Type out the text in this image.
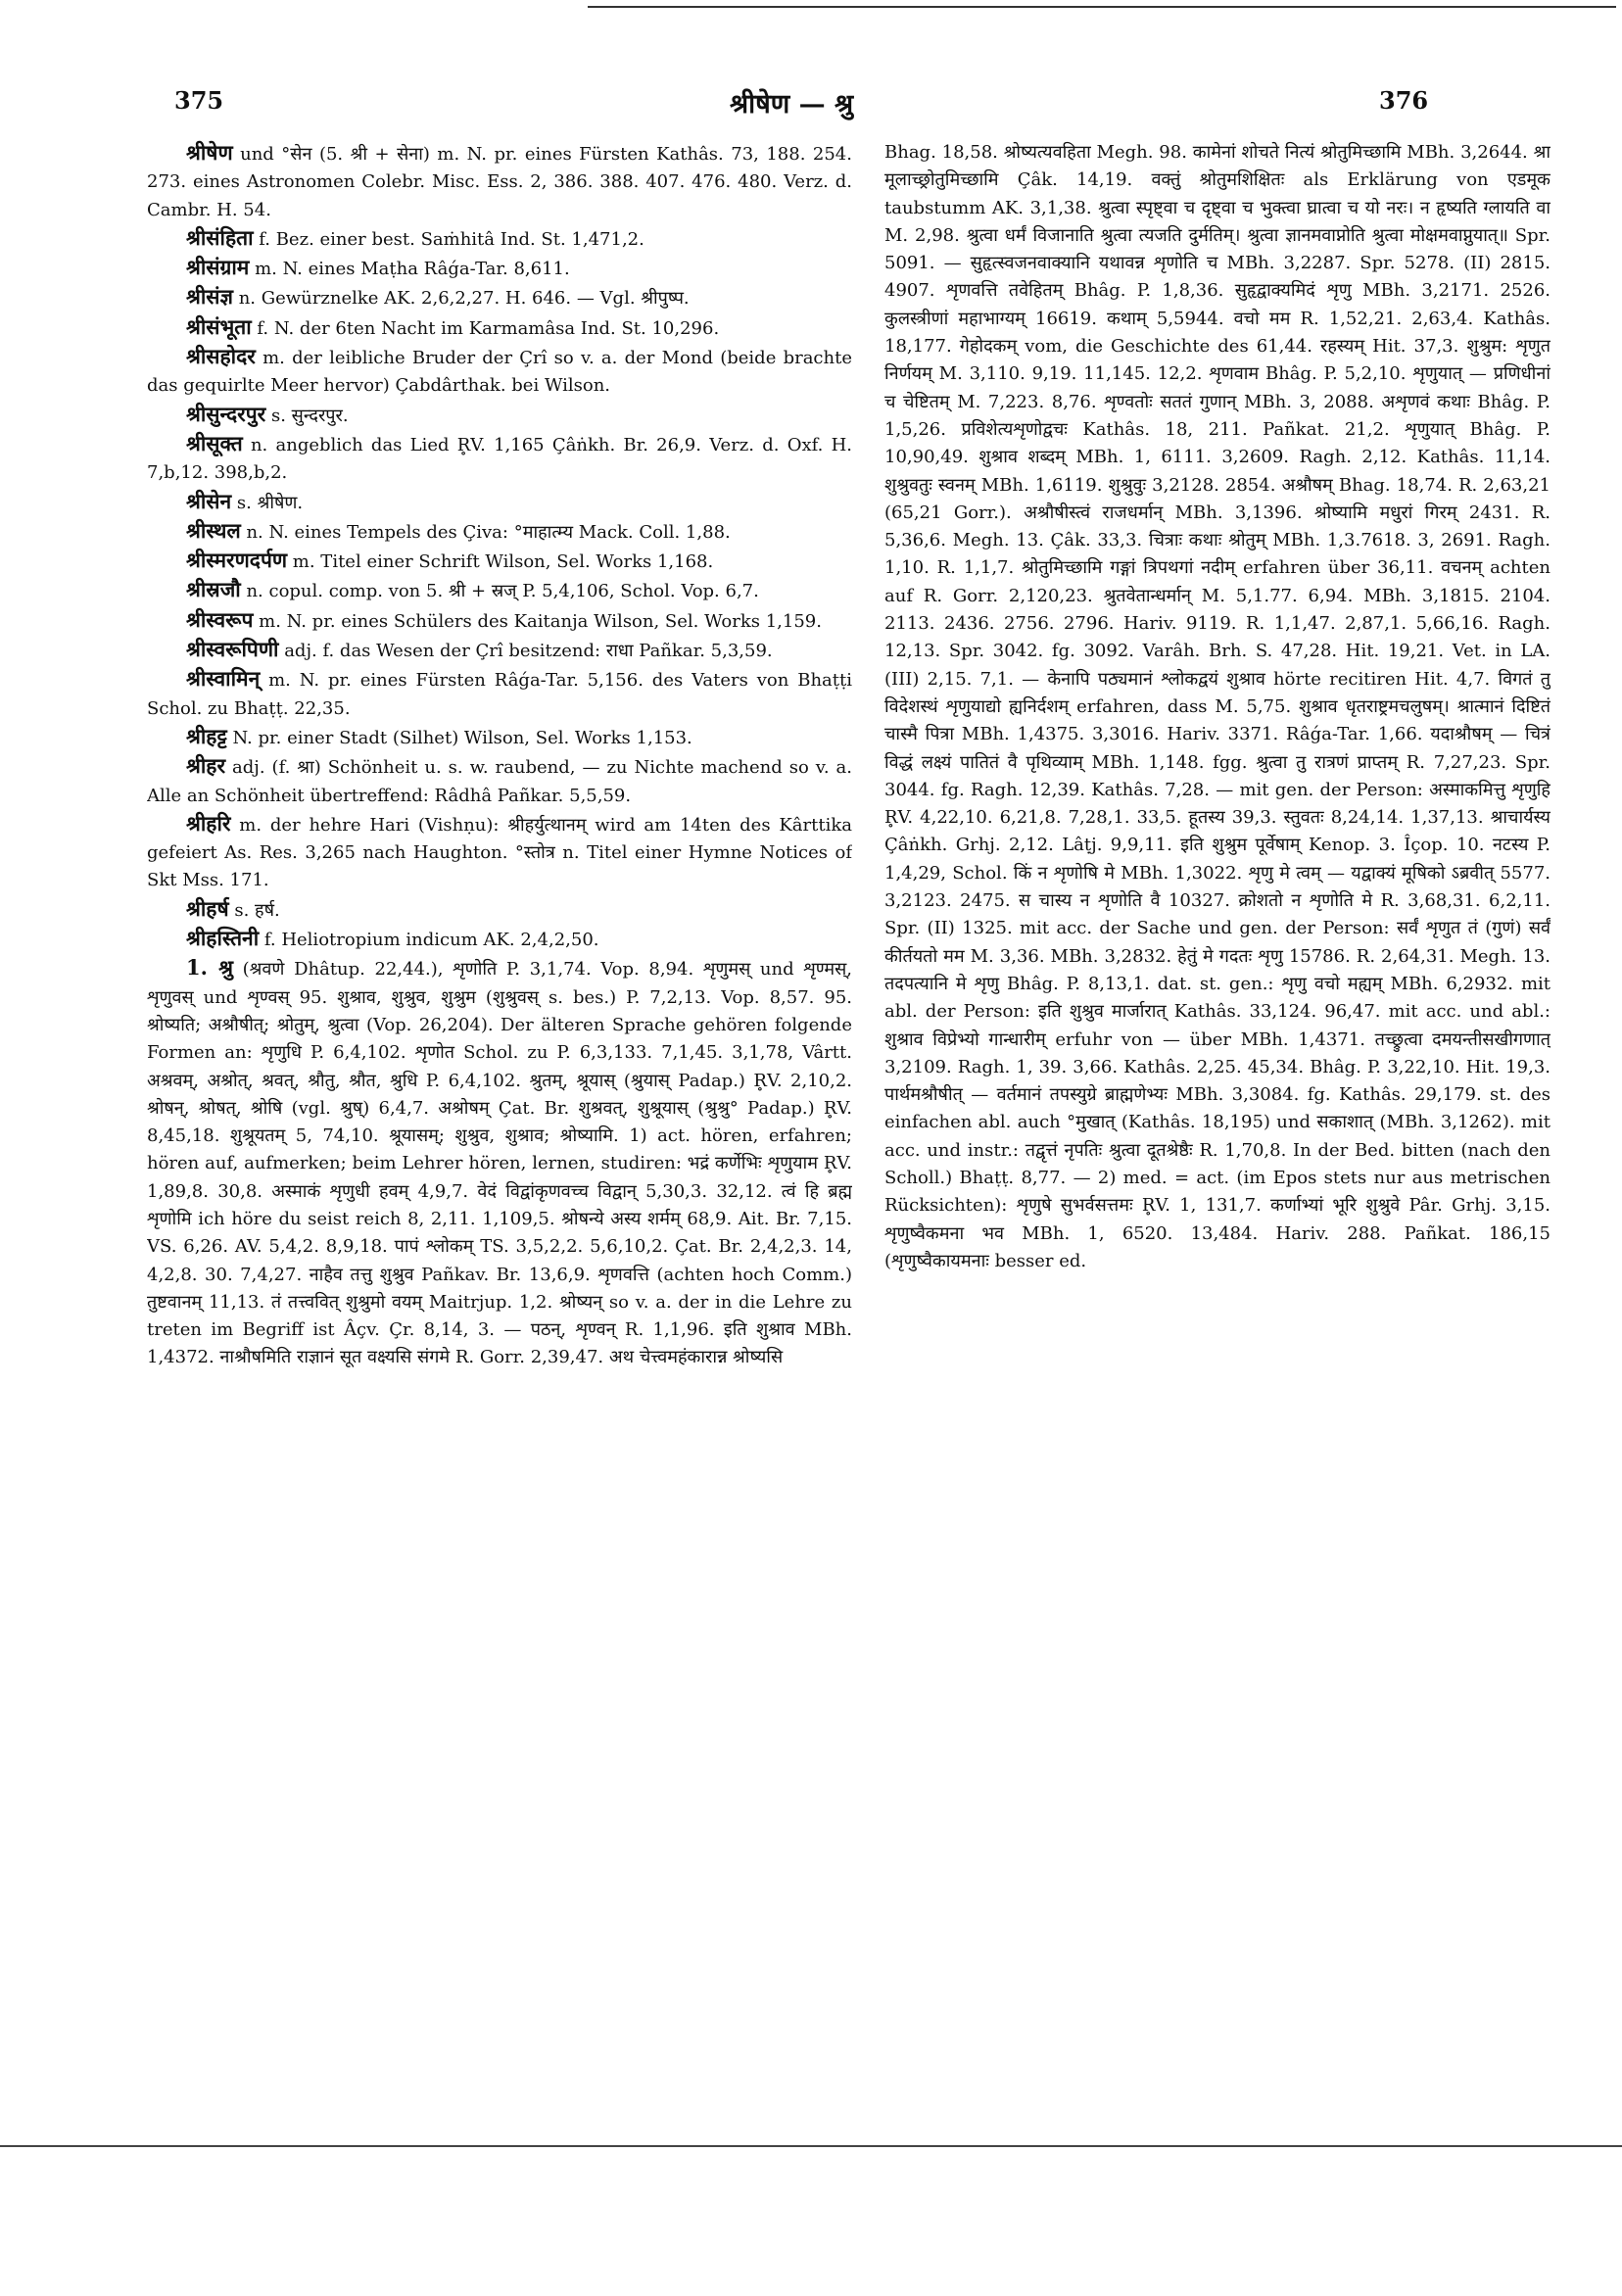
375	श्रीषेण — श्रु	376

श्रीषेण und °सेन (5. श्री + सेना) m. N. pr. eines Fürsten Kathâs. 73, 188. 254. 273. eines Astronomen Colebr. Misc. Ess. 2, 386. 388. 407. 476. 480. Verz. d. Cambr. H. 54.

श्रीसंहिता f. Bez. einer best. Saṁhitâ Ind. St. 1,471,2.

श्रीसंग्राम m. N. eines Maṭha Râǵa-Tar. 8,611.

श्रीसंज्ञ n. Gewürznelke AK. 2,6,2,27. H. 646. — Vgl. श्रीपुष्प.

श्रीसंभूता f. N. der 6ten Nacht im Karmamâsa Ind. St. 10,296.

श्रीसहोदर m. der leibliche Bruder der Çrî so v. a. der Mond (beide brachte das gequirlte Meer hervor) Çabdârthak. bei Wilson.

श्रीसुन्दरपुर s. सुन्दरपुर.

श्रीसूक्त n. angeblich das Lied R̥V. 1,165 Çâṅkh. Br. 26,9. Verz. d. Oxf. H. 7,b,12. 398,b,2.

श्रीसेन s. श्रीषेण.

श्रीस्थल n. N. eines Tempels des Çiva: °माहात्म्य Mack. Coll. 1,88.

श्रीस्मरणदर्पण m. Titel einer Schrift Wilson, Sel. Works 1,168.

श्रीस्रजौ n. copul. comp. von 5. श्री + स्रज् P. 5,4,106, Schol. Vop. 6,7.

श्रीस्वरूप m. N. pr. eines Schülers des Kaitanja Wilson, Sel. Works 1,159.

श्रीस्वरूपिणी adj. f. das Wesen der Çrî besitzend: राधा Pañkar. 5,3,59.

श्रीस्वामिन् m. N. pr. eines Fürsten Râǵa-Tar. 5,156. des Vaters von Bhaṭṭi Schol. zu Bhaṭṭ. 22,35.

श्रीहट्ट N. pr. einer Stadt (Silhet) Wilson, Sel. Works 1,153.

श्रीहर adj. (f. श्रा) Schönheit u. s. w. raubend, — zu Nichte machend so v. a. Alle an Schönheit übertreffend: Râdhâ Pañkar. 5,5,59.

श्रीहरि m. der hehre Hari (Vishṇu): श्रीहर्युत्थानम् wird am 14ten des Kârttika gefeiert As. Res. 3,265 nach Haughton. °स्तोत्र n. Titel einer Hymne Notices of Skt Mss. 171.

श्रीहर्ष s. हर्ष.

श्रीहस्तिनी f. Heliotropium indicum AK. 2,4,2,50.

1. श्रु (श्रवणे Dhâtup. 22,44.), शृणोति P. 3,1,74. Vop. 8,94. शृणुमस् und शृण्मस्, शृणुवस् und शृण्वस् 95. शुश्राव, शुश्रुव, शुश्रुम (शुश्रुवस् s. bes.) P. 7,2,13. Vop. 8,57. 95. श्रोष्यति; अश्रौषीत्; श्रोतुम्, श्रुत्वा (Vop. 26,204). Der älteren Sprache gehören folgende Formen an: शृणुधि P. 6,4,102. शृणोत Schol. zu P. 6,3,133. 7,1,45. 3,1,78, Vârtt. अश्रवम्, अश्रोत्, श्रवत्, श्रौतु, श्रौत, श्रुधि P. 6,4,102. श्रुतम्, श्रूयास् (श्रुयास् Padap.) R̥V. 2,10,2. श्रोषन्, श्रोषत्, श्रोषि (vgl. श्रुष्) 6,4,7. अश्रोषम् Çat. Br. शुश्रवत्, शुश्रूयास् (श्रुश्रु° Padap.) R̥V. 8,45,18. शुश्रूयतम् 5, 74,10. श्रूयासम्; शुश्रुव, शुश्राव; श्रोष्यामि. 1) act. hören, erfahren; hören auf, aufmerken; beim Lehrer hören, lernen, studiren: भद्रं कर्णेभिः शृणुयाम R̥V. 1,89,8. 30,8. अस्माकं शृणुधी हवम् 4,9,7. वेदं विद्वांकृणवच्च विद्वान् 5,30,3. 32,12. त्वं हि ब्रह्म शृणोमि ich höre du seist reich 8, 2,11. 1,109,5. श्रोषन्ये अस्य शर्मम् 68,9. Ait. Br. 7,15. VS. 6,26. AV. 5,4,2. 8,9,18. पापं श्लोकम् TS. 3,5,2,2. 5,6,10,2. Çat. Br. 2,4,2,3. 14, 4,2,8. 30. 7,4,27. नाहैव तत्तु शुश्रुव Pañkav. Br. 13,6,9. शृणवत्ति (achten hoch Comm.) तुष्टवानम् 11,13. तं तत्त्ववित् शुश्रुमो वयम् Maitrjup. 1,2. श्रोष्यन् so v. a. der in die Lehre zu treten im Begriff ist Âçv. Çr. 8,14, 3. — पठन्, शृण्वन् R. 1,1,96. इति शुश्राव MBh. 1,4372. नाश्रौषमिति राज्ञानं सूत वक्ष्यसि संगमे R. Gorr. 2,39,47. अथ चेत्त्वमहंकारान्न श्रोष्यसि

Bhag. 18,58. श्रोष्यत्यवहिता Megh. 98. कामेनां शोचते नित्यं श्रोतुमिच्छामि MBh. 3,2644. श्रा मूलाच्छ्रोतुमिच्छामि Çâk. 14,19. वक्तुं श्रोतुमशिक्षितः als Erklärung von एडमूक taubstumm AK. 3,1,38. श्रुत्वा स्पृष्ट्वा च दृष्ट्वा च भुक्त्वा घ्रात्वा च यो नरः। न हृष्यति ग्लायति वा M. 2,98. श्रुत्वा धर्मं विजानाति श्रुत्वा त्यजति दुर्मतिम्। श्रुत्वा ज्ञानमवाप्नोति श्रुत्वा मोक्षमवाप्नुयात्॥ Spr. 5091. — सुहृत्स्वजनवाक्यानि यथावन्न शृणोति च MBh. 3,2287. Spr. 5278. (II) 2815. 4907. शृणवत्ति तवेहितम् Bhâg. P. 1,8,36. सुहृद्वाक्यमिदं शृणु MBh. 3,2171. 2526. कुलस्त्रीणां महाभाग्यम् 16619. कथाम् 5,5944. वचो मम R. 1,52,21. 2,63,4. Kathâs. 18,177. गेहोदकम् vom, die Geschichte des 61,44. रहस्यम् Hit. 37,3. शुश्रुम: शृणुत निर्णयम् M. 3,110. 9,19. 11,145. 12,2. शृणवाम Bhâg. P. 5,2,10. शृणुयात् — प्रणिधीनां च चेष्टितम् M. 7,223. 8,76. शृण्वतोः सततं गुणान् MBh. 3, 2088. अशृणवं कथाः Bhâg. P. 1,5,26. प्रविशेत्यशृणोद्वचः Kathâs. 18, 211. Pañkat. 21,2. शृणुयात् Bhâg. P. 10,90,49. शुश्राव शब्दम् MBh. 1, 6111. 3,2609. Ragh. 2,12. Kathâs. 11,14. शुश्रुवतुः स्वनम् MBh. 1,6119. शुश्रुवुः 3,2128. 2854. अश्रौषम् Bhag. 18,74. R. 2,63,21 (65,21 Gorr.). अश्रौषीस्त्वं राजधर्मान् MBh. 3,1396. श्रोष्यामि मधुरां गिरम् 2431. R. 5,36,6. Megh. 13. Çâk. 33,3. चित्राः कथाः श्रोतुम् MBh. 1,3.7618. 3, 2691. Ragh. 1,10. R. 1,1,7. श्रोतुमिच्छामि गङ्गां त्रिपथगां नदीम् erfahren über 36,11. वचनम् achten auf R. Gorr. 2,120,23. श्रुतवेतान्धर्मान् M. 5,1.77. 6,94. MBh. 3,1815. 2104. 2113. 2436. 2756. 2796. Hariv. 9119. R. 1,1,47. 2,87,1. 5,66,16. Ragh. 12,13. Spr. 3042. fg. 3092. Varâh. Brh. S. 47,28. Hit. 19,21. Vet. in LA. (III) 2,15. 7,1. — केनापि पठ्यमानं श्लोकद्वयं शुश्राव hörte recitiren Hit. 4,7. विगतं तु विदेशस्थं शृणुयाद्यो ह्यनिर्दशम् erfahren, dass M. 5,75. शुश्राव धृतराष्ट्रमचलुषम्। श्रात्मानं दिष्टितं चास्मै पित्रा MBh. 1,4375. 3,3016. Hariv. 3371. Râǵa-Tar. 1,66. यदाश्रौषम् — चित्रं विद्धं लक्ष्यं पातितं वै पृथिव्याम् MBh. 1,148. fgg. श्रुत्वा तु रात्रणं प्राप्तम् R. 7,27,23. Spr. 3044. fg. Ragh. 12,39. Kathâs. 7,28. — mit gen. der Person: अस्माकमित्तु शृणुहि R̥V. 4,22,10. 6,21,8. 7,28,1. 33,5. हूतस्य 39,3. स्तुवतः 8,24,14. 1,37,13. श्राचार्यस्य Çâṅkh. Grhj. 2,12. Lâṭj. 9,9,11. इति शुश्रुम पूर्वेषाम् Kenop. 3. Îçop. 10. नटस्य P. 1,4,29, Schol. किं न शृणोषि मे MBh. 1,3022. शृणु मे त्वम् — यद्वाक्यं मूषिको ऽब्रवीत् 5577. 3,2123. 2475. स चास्य न शृणोति वै 10327. क्रोशतो न शृणोति मे R. 3,68,31. 6,2,11. Spr. (II) 1325. mit acc. der Sache und gen. der Person: सर्वं शृणुत तं (गुणं) सर्वं कीर्तयतो मम M. 3,36. MBh. 3,2832. हेतुं मे गदतः शृणु 15786. R. 2,64,31. Megh. 13. तदपत्यानि मे शृणु Bhâg. P. 8,13,1. dat. st. gen.: शृणु वचो मह्यम् MBh. 6,2932. mit abl. der Person: इति शुश्रुव मार्जारात् Kathâs. 33,124. 96,47. mit acc. und abl.: शुश्राव विप्रेभ्यो गान्धारीम् erfuhr von — über MBh. 1,4371. तच्छ्रुत्वा दमयन्तीसखीगणात् 3,2109. Ragh. 1, 39. 3,66. Kathâs. 2,25. 45,34. Bhâg. P. 3,22,10. Hit. 19,3. पार्थमश्रौषीत् — वर्तमानं तपस्युग्रे ब्राह्मणेभ्यः MBh. 3,3084. fg. Kathâs. 29,179. st. des einfachen abl. auch °मुखात् (Kathâs. 18,195) und सकाशात् (MBh. 3,1262). mit acc. und instr.: तद्वृत्तं नृपतिः श्रुत्वा दूतश्रेष्ठैः R. 1,70,8. In der Bed. bitten (nach den Scholl.) Bhaṭṭ. 8,77. — 2) med. = act. (im Epos stets nur aus metrischen Rücksichten): शृणुषे सुभर्वसत्तमः R̥V. 1, 131,7. कर्णाभ्यां भूरि शुश्रुवे Pâr. Grhj. 3,15. शृणुष्वैकमना भव MBh. 1, 6520. 13,484. Hariv. 288. Pañkat. 186,15 (शृणुष्वैकायमनाः besser ed.
